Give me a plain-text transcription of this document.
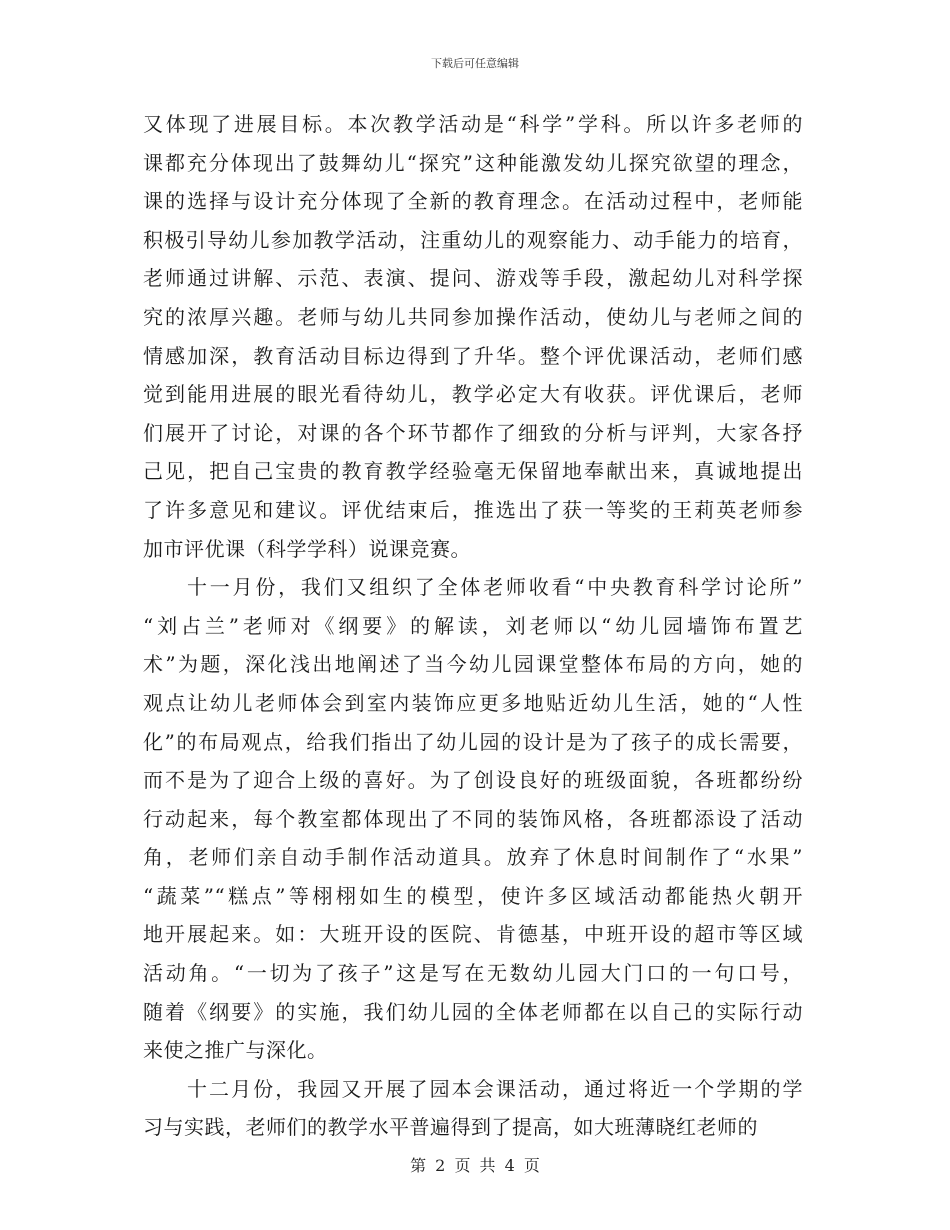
下载后可任意编辑
又体现了进展目标。本次教学活动是“科学”学科。所以许多老师的
课都充分体现出了鼓舞幼儿“探究”这种能激发幼儿探究欲望的理念，
课的选择与设计充分体现了全新的教育理念。在活动过程中，老师能
积极引导幼儿参加教学活动，注重幼儿的观察能力、动手能力的培育，
老师通过讲解、示范、表演、提问、游戏等手段，激起幼儿对科学探
究的浓厚兴趣。老师与幼儿共同参加操作活动，使幼儿与老师之间的
情感加深，教育活动目标边得到了升华。整个评优课活动，老师们感
觉到能用进展的眼光看待幼儿，教学必定大有收获。评优课后，老师
们展开了讨论，对课的各个环节都作了细致的分析与评判，大家各抒
己见，把自己宝贵的教育教学经验毫无保留地奉献出来，真诚地提出
了许多意见和建议。评优结束后，推选出了获一等奖的王莉英老师参
加市评优课（科学学科）说课竞赛。
十一月份，我们又组织了全体老师收看“中央教育科学讨论所”
“刘占兰”老师对《纲要》的解读，刘老师以“幼儿园墙饰布置艺
术”为题，深化浅出地阐述了当今幼儿园课堂整体布局的方向，她的
观点让幼儿老师体会到室内装饰应更多地贴近幼儿生活，她的“人性
化”的布局观点，给我们指出了幼儿园的设计是为了孩子的成长需要，
而不是为了迎合上级的喜好。为了创设良好的班级面貌，各班都纷纷
行动起来，每个教室都体现出了不同的装饰风格，各班都添设了活动
角，老师们亲自动手制作活动道具。放弃了休息时间制作了“水果”
“蔬菜”“糕点”等栩栩如生的模型，使许多区域活动都能热火朝开
地开展起来。如：大班开设的医院、肯德基，中班开设的超市等区域
活动角。“一切为了孩子”这是写在无数幼儿园大门口的一句口号，
随着《纲要》的实施，我们幼儿园的全体老师都在以自己的实际行动
来使之推广与深化。
十二月份，我园又开展了园本会课活动，通过将近一个学期的学
习与实践，老师们的教学水平普遍得到了提高，如大班薄晓红老师的
第 2 页 共 4 页
